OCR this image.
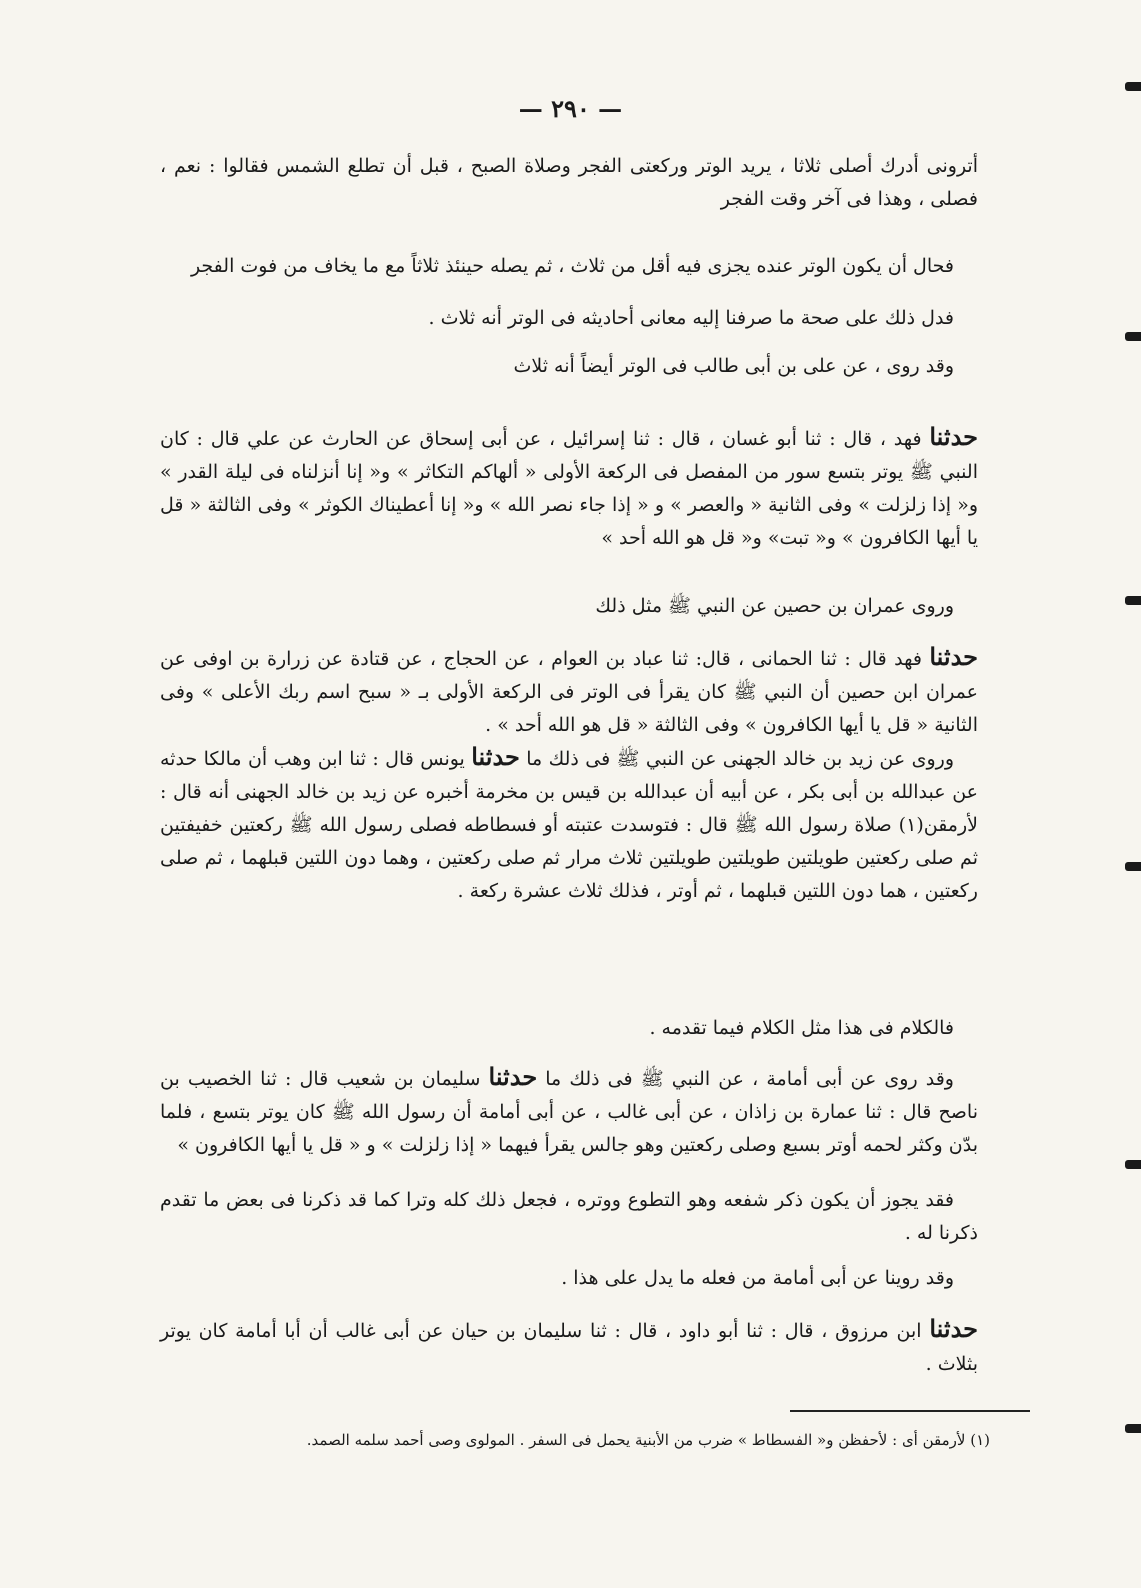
— ٢٩٠ —

أترونى أدرك أصلى ثلاثا ، يريد الوتر وركعتى الفجر وصلاة الصبح ، قبل أن تطلع الشمس فقالوا : نعم ، فصلى ، وهذا فى آخر وقت الفجر

فحال أن يكون الوتر عنده يجزى فيه أقل من ثلاث ، ثم يصله حينئذ ثلاثاً مع ما يخاف من فوت الفجر

فدل ذلك على صحة ما صرفنا إليه معانى أحاديثه فى الوتر أنه ثلاث .

وقد روى ، عن على بن أبى طالب فى الوتر أيضاً أنه ثلاث

حدثنا فهد ، قال : ثنا أبو غسان ، قال : ثنا إسرائيل ، عن أبى إسحاق عن الحارث عن علي قال : كان النبي ﷺ يوتر بتسع سور من المفصل فى الركعة الأولى « ألهاكم التكاثر » و« إنا أنزلناه فى ليلة القدر » و« إذا زلزلت » وفى الثانية « والعصر » و « إذا جاء نصر الله » و« إنا أعطيناك الكوثر » وفى الثالثة « قل يا أيها الكافرون » و« تبت» و« قل هو الله أحد »

وروى عمران بن حصين عن النبي ﷺ مثل ذلك

حدثنا فهد قال : ثنا الحمانى ، قال: ثنا عباد بن العوام ، عن الحجاج ، عن قتادة عن زرارة بن اوفى عن عمران ابن حصين أن النبي ﷺ كان يقرأ فى الوتر فى الركعة الأولى بـ « سبح اسم ربك الأعلى » وفى الثانية « قل يا أيها الكافرون » وفى الثالثة « قل هو الله أحد » .

وروى عن زيد بن خالد الجهنى عن النبي ﷺ فى ذلك ما حدثنا يونس قال : ثنا ابن وهب أن مالكا حدثه عن عبدالله بن أبى بكر ، عن أبيه أن عبدالله بن قيس بن مخرمة أخبره عن زيد بن خالد الجهنى أنه قال : لأرمقن(١) صلاة رسول الله ﷺ قال : فتوسدت عتبته أو فسطاطه فصلى رسول الله ﷺ ركعتين خفيفتين ثم صلى ركعتين طويلتين طويلتين طويلتين ثلاث مرار ثم صلى ركعتين ، وهما دون اللتين قبلهما ، ثم صلى ركعتين ، هما دون اللتين قبلهما ، ثم أوتر ، فذلك ثلاث عشرة ركعة .

فالكلام فى هذا مثل الكلام فيما تقدمه .

وقد روى عن أبى أمامة ، عن النبي ﷺ فى ذلك ما حدثنا سليمان بن شعيب قال : ثنا الخصيب بن ناصح قال : ثنا عمارة بن زاذان ، عن أبى غالب ، عن أبى أمامة أن رسول الله ﷺ كان يوتر بتسع ، فلما بدّن وكثر لحمه أوتر بسبع وصلى ركعتين وهو جالس يقرأ فيهما « إذا زلزلت » و « قل يا أيها الكافرون »

فقد يجوز أن يكون ذكر شفعه وهو التطوع ووتره ، فجعل ذلك كله وترا كما قد ذكرنا فى بعض ما تقدم ذكرنا له .

وقد روينا عن أبى أمامة من فعله ما يدل على هذا .

حدثنا ابن مرزوق ، قال : ثنا أبو داود ، قال : ثنا سليمان بن حيان عن أبى غالب أن أبا أمامة كان يوتر بثلاث .

(١) لأرمقن أى : لأحفظن و« الفسطاط » ضرب من الأبنية يحمل فى السفر . المولوى وصى أحمد سلمه الصمد.
